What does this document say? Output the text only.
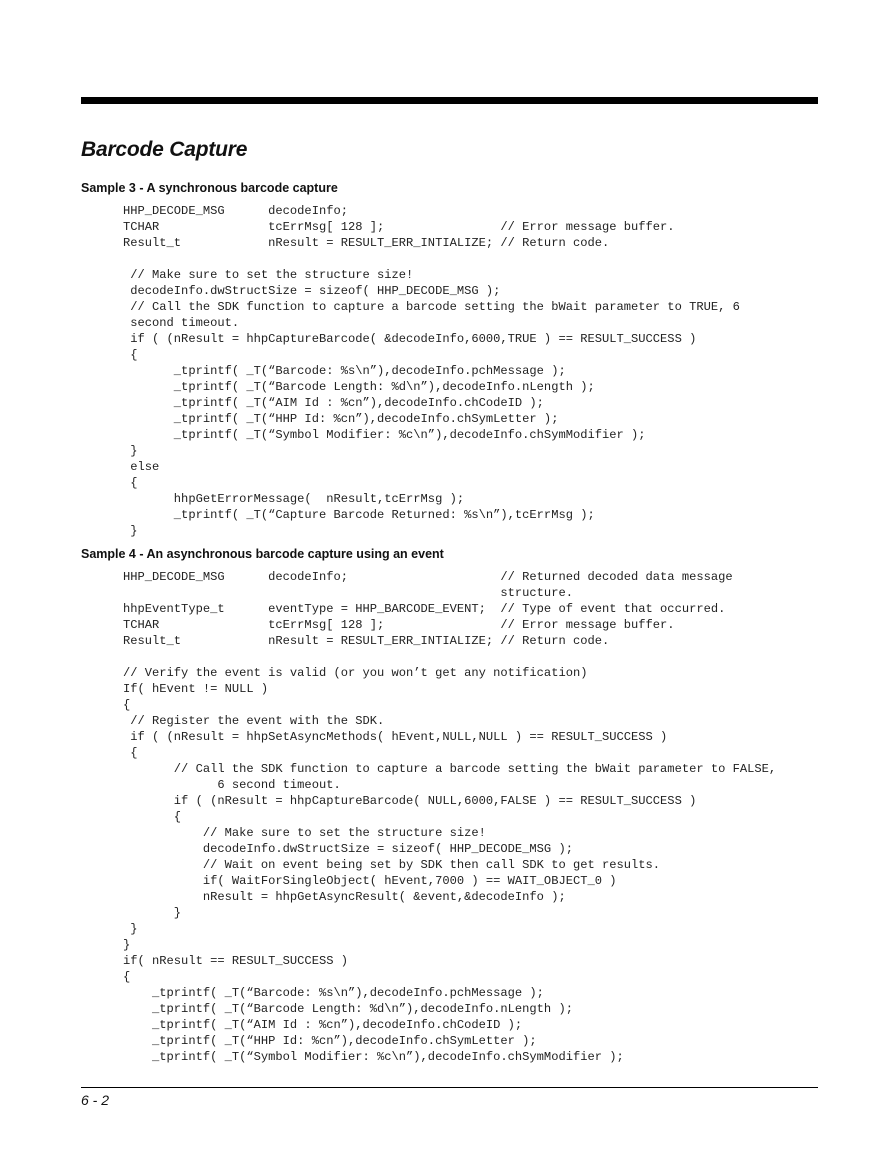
Barcode Capture
Sample 3 - A synchronous barcode capture
HHP_DECODE_MSG      decodeInfo;
TCHAR               tcErrMsg[ 128 ];                // Error message buffer.
Result_t            nResult = RESULT_ERR_INTIALIZE; // Return code.

// Make sure to set the structure size!
decodeInfo.dwStructSize = sizeof( HHP_DECODE_MSG );
// Call the SDK function to capture a barcode setting the bWait parameter to TRUE, 6
second timeout.
if ( (nResult = hhpCaptureBarcode( &decodeInfo,6000,TRUE ) == RESULT_SUCCESS )
{
_tprintf( _T(“Barcode: %s\n”),decodeInfo.pchMessage );
_tprintf( _T(“Barcode Length: %d\n”),decodeInfo.nLength );
_tprintf( _T(“AIM Id : %cn”),decodeInfo.chCodeID );
_tprintf( _T(“HHP Id: %cn”),decodeInfo.chSymLetter );
_tprintf( _T(“Symbol Modifier: %c\n”),decodeInfo.chSymModifier );
}
else
{
hhpGetErrorMessage(  nResult,tcErrMsg );
_tprintf( _T(“Capture Barcode Returned: %s\n”),tcErrMsg );
}
Sample 4 - An asynchronous barcode capture using an event
HHP_DECODE_MSG      decodeInfo;                     // Returned decoded data message
structure.
hhpEventType_t      eventType = HHP_BARCODE_EVENT;  // Type of event that occurred.
TCHAR               tcErrMsg[ 128 ];                // Error message buffer.
Result_t            nResult = RESULT_ERR_INTIALIZE; // Return code.

// Verify the event is valid (or you won’t get any notification)
If( hEvent != NULL )
{
// Register the event with the SDK.
if ( (nResult = hhpSetAsyncMethods( hEvent,NULL,NULL ) == RESULT_SUCCESS )
{
// Call the SDK function to capture a barcode setting the bWait parameter to FALSE,
6 second timeout.
if ( (nResult = hhpCaptureBarcode( NULL,6000,FALSE ) == RESULT_SUCCESS )
{
// Make sure to set the structure size!
decodeInfo.dwStructSize = sizeof( HHP_DECODE_MSG );
// Wait on event being set by SDK then call SDK to get results.
if( WaitForSingleObject( hEvent,7000 ) == WAIT_OBJECT_0 )
nResult = hhpGetAsyncResult( &event,&decodeInfo );
}
}
}
if( nResult == RESULT_SUCCESS )
{
_tprintf( _T(“Barcode: %s\n”),decodeInfo.pchMessage );
_tprintf( _T(“Barcode Length: %d\n”),decodeInfo.nLength );
_tprintf( _T(“AIM Id : %cn”),decodeInfo.chCodeID );
_tprintf( _T(“HHP Id: %cn”),decodeInfo.chSymLetter );
_tprintf( _T(“Symbol Modifier: %c\n”),decodeInfo.chSymModifier );
6 - 2
